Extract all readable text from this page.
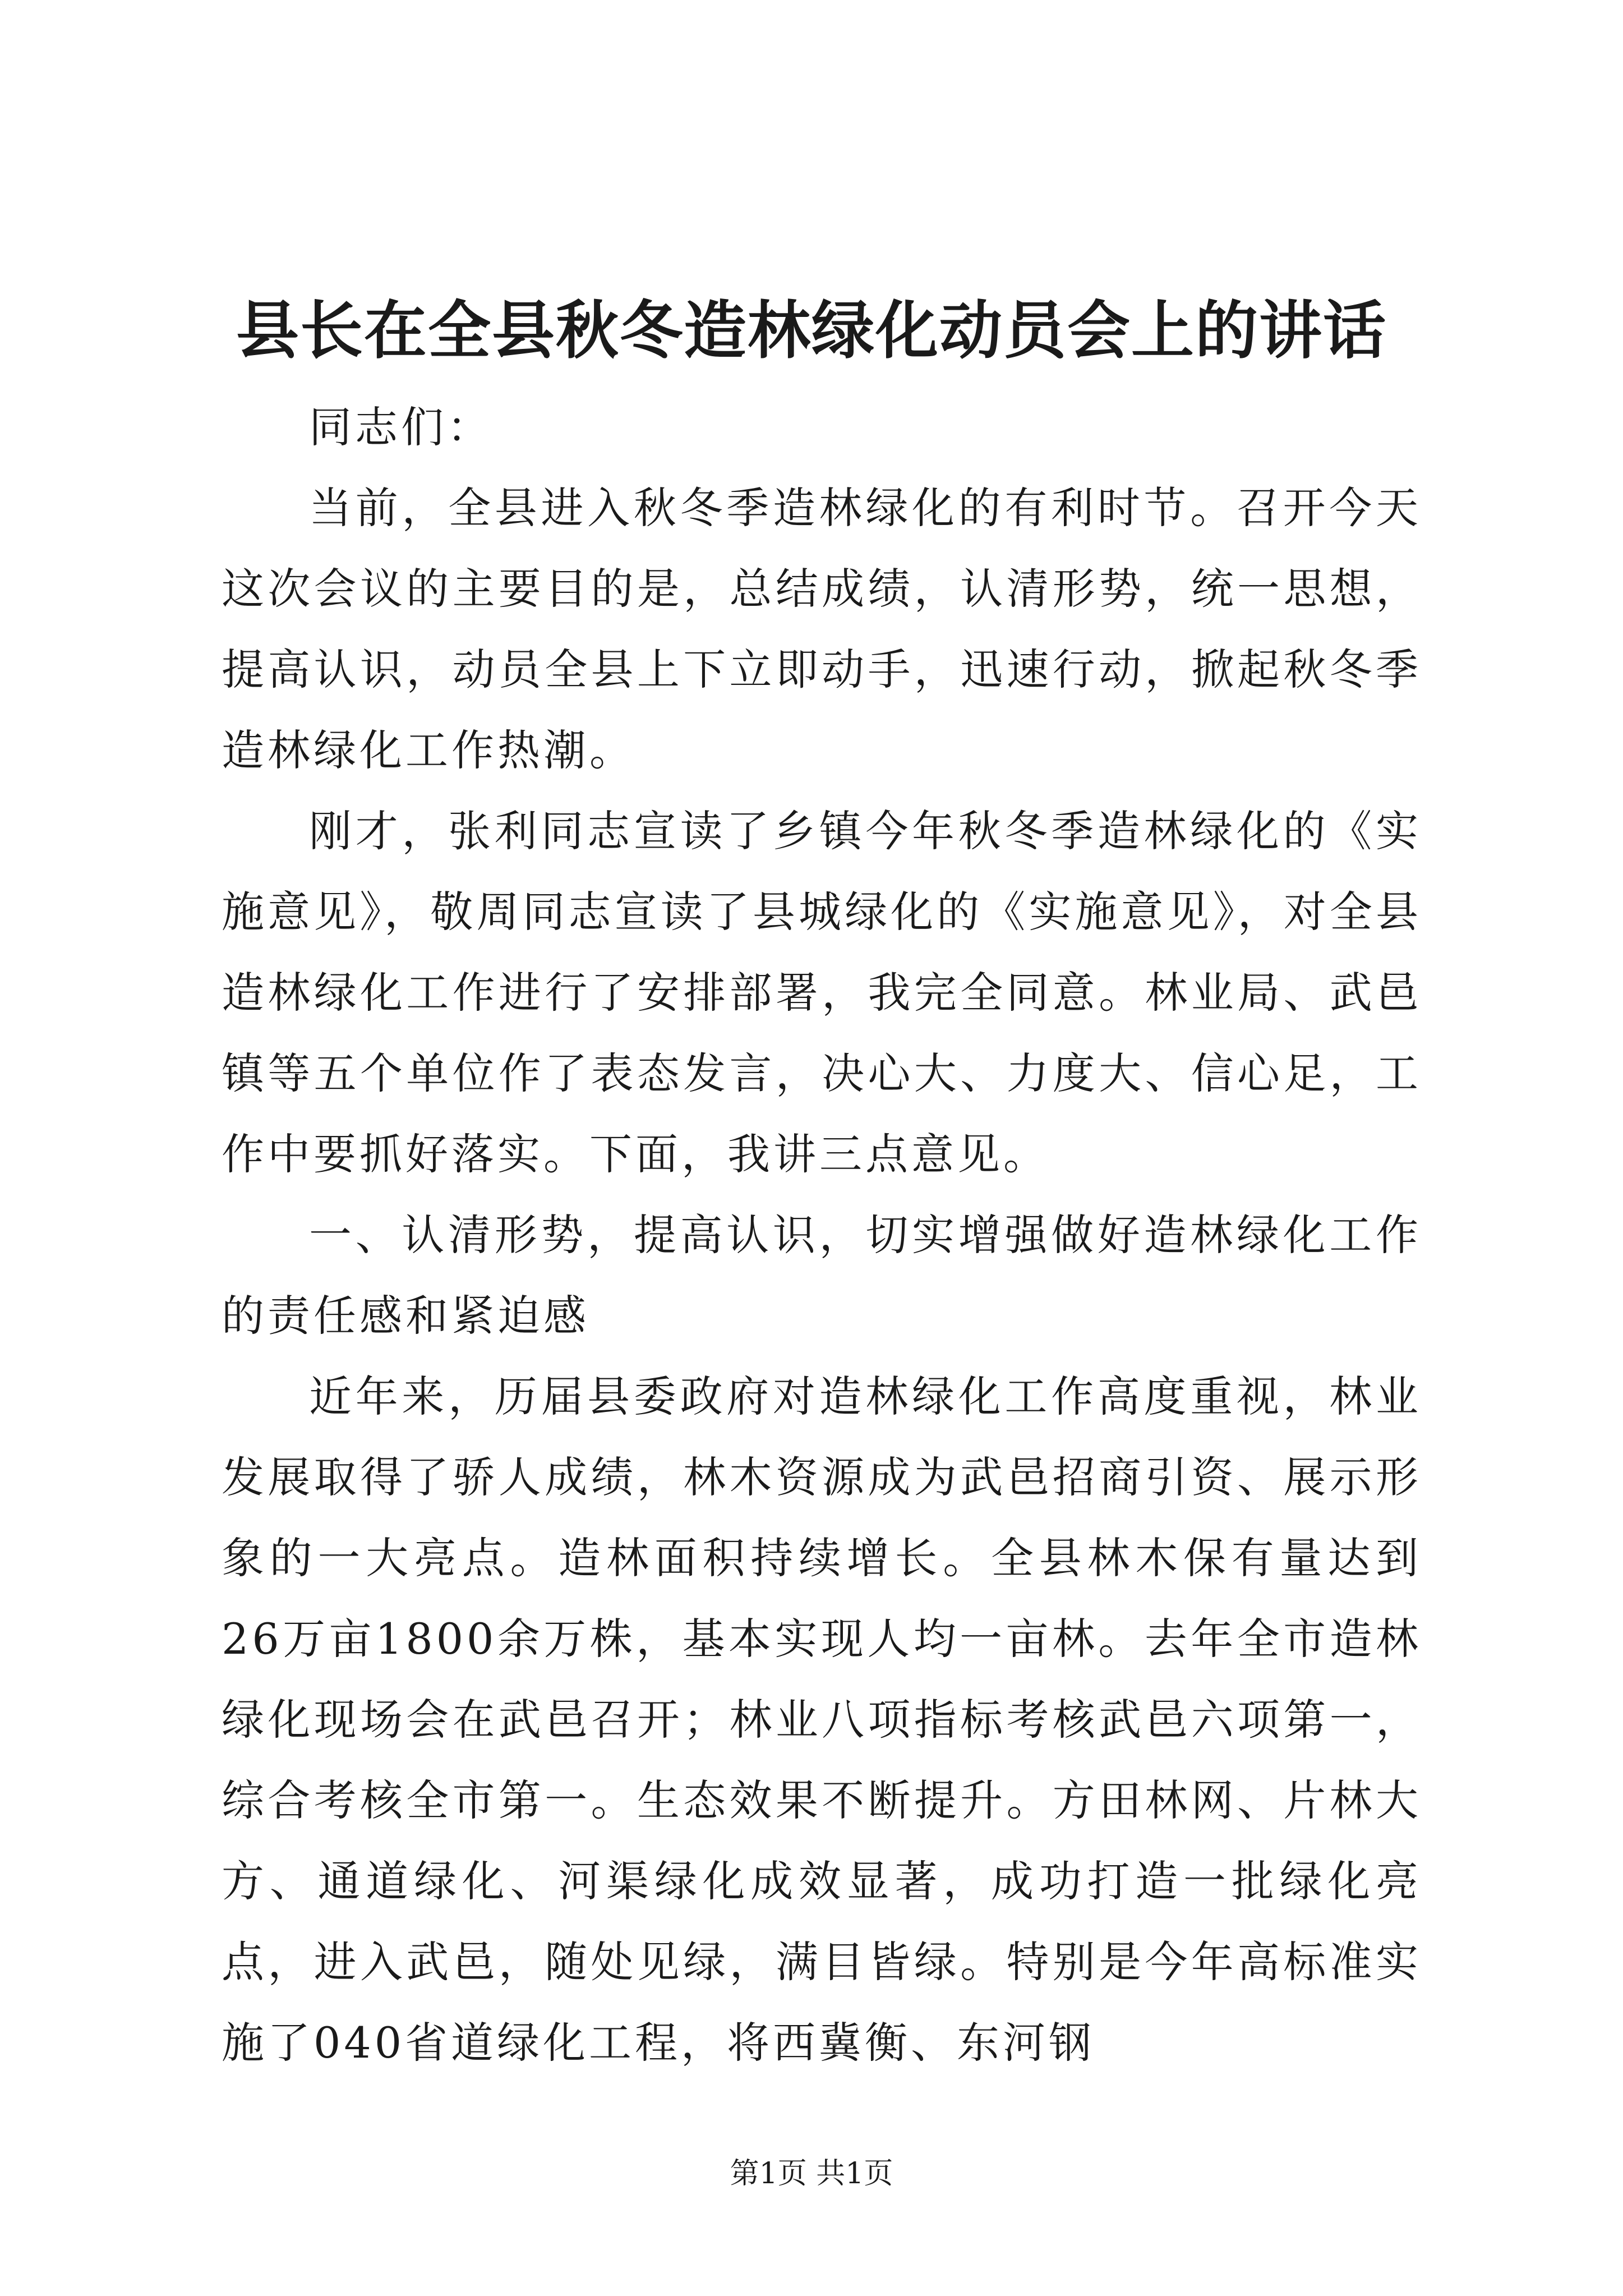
县长在全县秋冬造林绿化动员会上的讲话

同志们：

当前，全县进入秋冬季造林绿化的有利时节。召开今天这次会议的主要目的是，总结成绩，认清形势，统一思想，提高认识，动员全县上下立即动手，迅速行动，掀起秋冬季造林绿化工作热潮。

刚才，张利同志宣读了乡镇今年秋冬季造林绿化的《实施意见》，敬周同志宣读了县城绿化的《实施意见》，对全县造林绿化工作进行了安排部署，我完全同意。林业局、武邑镇等五个单位作了表态发言，决心大、力度大、信心足，工作中要抓好落实。下面，我讲三点意见。

一、认清形势，提高认识，切实增强做好造林绿化工作的责任感和紧迫感

近年来，历届县委政府对造林绿化工作高度重视，林业发展取得了骄人成绩，林木资源成为武邑招商引资、展示形象的一大亮点。造林面积持续增长。全县林木保有量达到26万亩1800余万株，基本实现人均一亩林。去年全市造林绿化现场会在武邑召开；林业八项指标考核武邑六项第一，综合考核全市第一。生态效果不断提升。方田林网、片林大方、通道绿化、河渠绿化成效显著，成功打造一批绿化亮点，进入武邑，随处见绿，满目皆绿。特别是今年高标准实施了040省道绿化工程，将西冀衡、东河钢

第1页 共1页
